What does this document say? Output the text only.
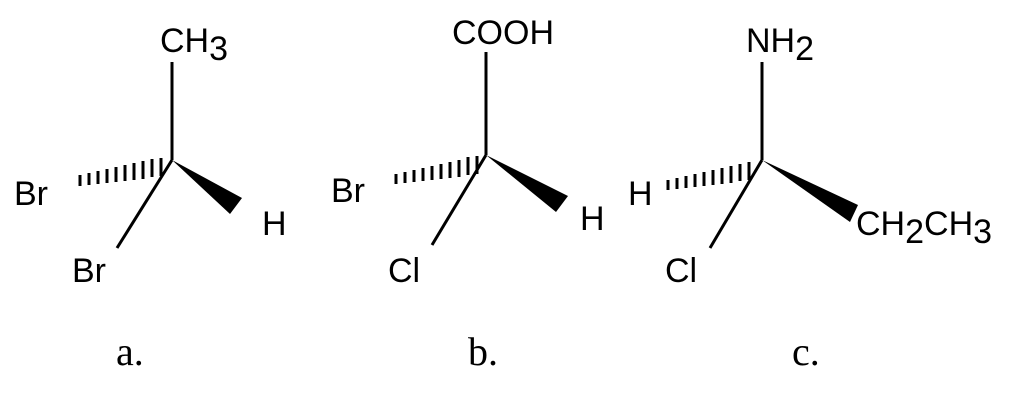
CH3
Br
H
Br
a.
COOH
Br
H
Cl
b.
NH2
H
CH2CH3
Cl
c.
